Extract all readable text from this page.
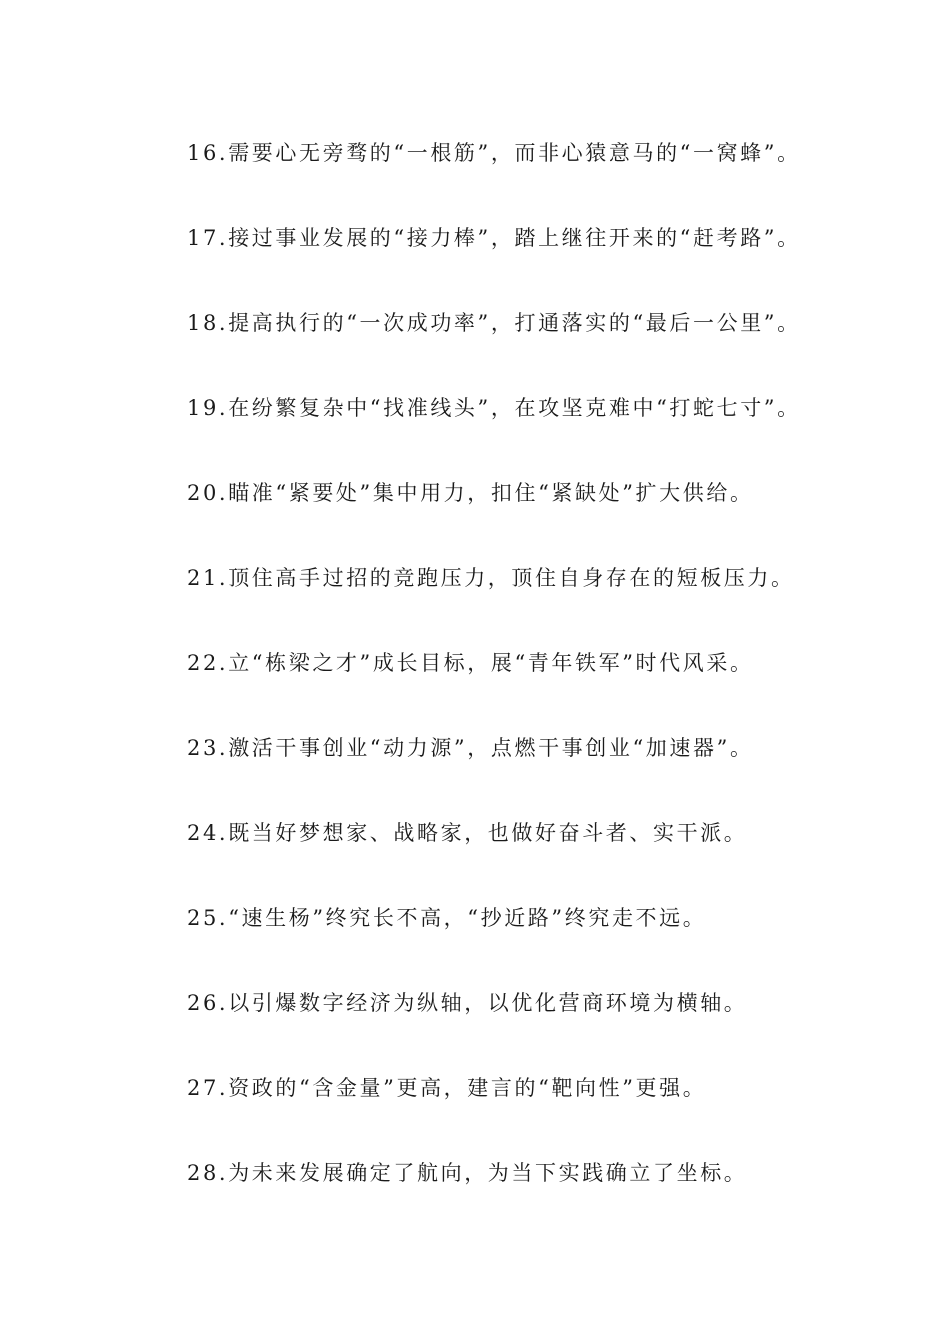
16.需要心无旁骛的“一根筋”，而非心猿意马的“一窝蜂”。
17.接过事业发展的“接力棒”，踏上继往开来的“赶考路”。
18.提高执行的“一次成功率”，打通落实的“最后一公里”。
19.在纷繁复杂中“找准线头”，在攻坚克难中“打蛇七寸”。
20.瞄准“紧要处”集中用力，扣住“紧缺处”扩大供给。
21.顶住高手过招的竞跑压力，顶住自身存在的短板压力。
22.立“栋梁之才”成长目标，展“青年铁军”时代风采。
23.激活干事创业“动力源”，点燃干事创业“加速器”。
24.既当好梦想家、战略家，也做好奋斗者、实干派。
25.“速生杨”终究长不高，“抄近路”终究走不远。
26.以引爆数字经济为纵轴，以优化营商环境为横轴。
27.资政的“含金量”更高，建言的“靶向性”更强。
28.为未来发展确定了航向，为当下实践确立了坐标。
